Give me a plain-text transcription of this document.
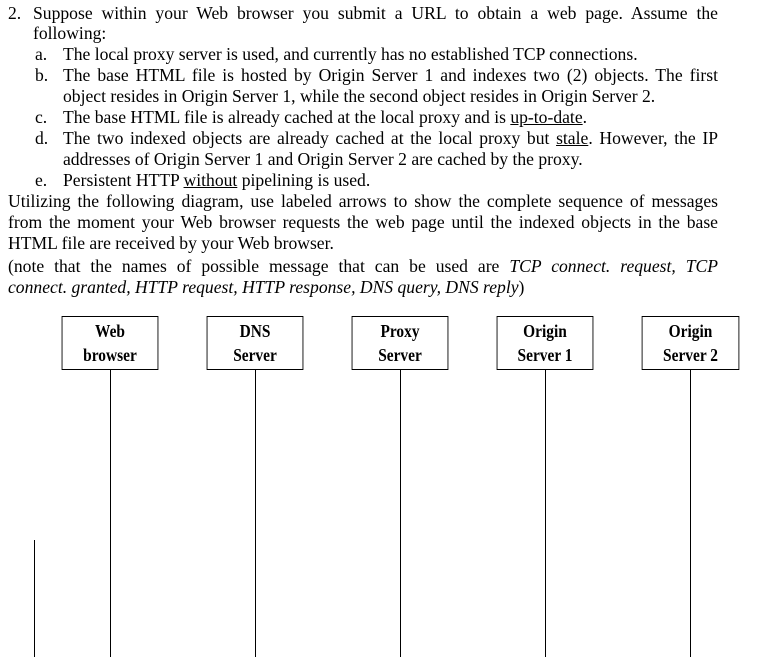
2. Suppose within your Web browser you submit a URL to obtain a web page. Assume the
following:
a. The local proxy server is used, and currently has no established TCP connections.
b. The base HTML file is hosted by Origin Server 1 and indexes two (2) objects. The first
object resides in Origin Server 1, while the second object resides in Origin Server 2.
c. The base HTML file is already cached at the local proxy and is up-to-date.
d. The two indexed objects are already cached at the local proxy but stale. However, the IP
addresses of Origin Server 1 and Origin Server 2 are cached by the proxy.
e. Persistent HTTP without pipelining is used.
Utilizing the following diagram, use labeled arrows to show the complete sequence of messages
from the moment your Web browser requests the web page until the indexed objects in the base
HTML file are received by your Web browser.
(note that the names of possible message that can be used are TCP connect. request, TCP
connect. granted, HTTP request, HTTP response, DNS query, DNS reply)
Web
browser
DNS
Server
Proxy
Server
Origin
Server 1
Origin
Server 2
